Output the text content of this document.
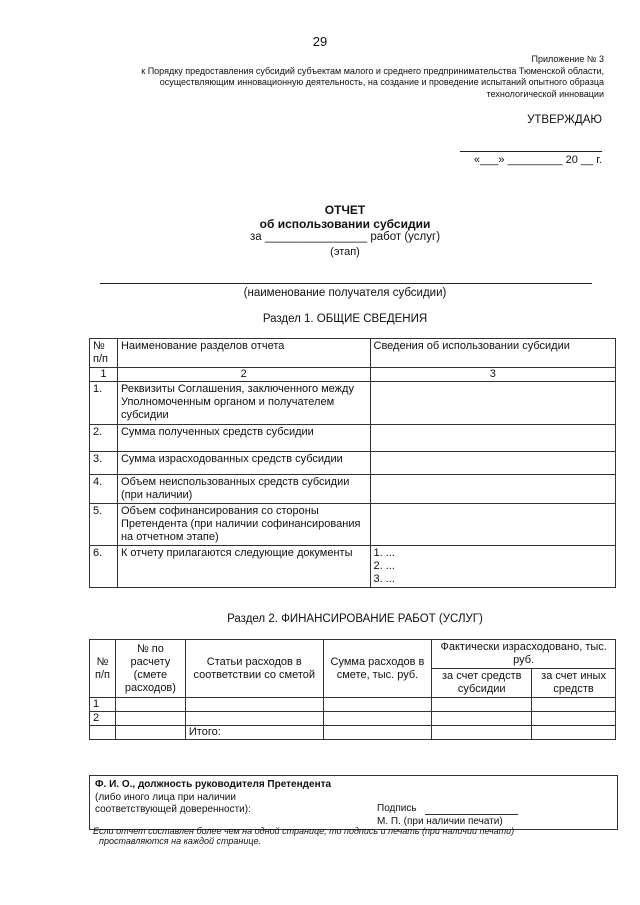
29
Приложение № 3
к Порядку предоставления субсидий субъектам малого и среднего предпринимательства Тюменской области,
осуществляющим инновационную деятельность, на создание и проведение испытаний опытного образца
технологической инновации
УТВЕРЖДАЮ
«___» _________ 20 __ г.
ОТЧЕТ
об использовании субсидии
за ________________ работ (услуг)
(этап)
(наименование получателя субсидии)
Раздел 1. ОБЩИЕ СВЕДЕНИЯ
№ п/п	Наименование разделов отчета	Сведения об использовании субсидии
1	2	3
1.	Реквизиты Соглашения, заключенного между Уполномоченным органом и получателем субсидии	
2.	Сумма полученных средств субсидии	
3.	Сумма израсходованных средств субсидии	
4.	Объем неиспользованных средств субсидии (при наличии)	
5.	Объем софинансирования со стороны Претендента (при наличии софинансирования на отчетном этапе)	
6.	К отчету прилагаются следующие документы	1. ...
2. ...
3. ...
Раздел 2. ФИНАНСИРОВАНИЕ РАБОТ (УСЛУГ)
№ п/п	№ по расчету (смете расходов)	Статьи расходов в соответствии со сметой	Сумма расходов в смете, тыс. руб.	Фактически израсходовано, тыс. руб.	
				за счет средств субсидии	за счет иных средств
1					
2					
		Итого:			
Ф. И. О., должность руководителя Претендента
(либо иного лица при наличии
соответствующей доверенности):	Подпись
М. П. (при наличии печати)
Если отчет составлен более чем на одной странице, то подпись и печать (при наличии печати)
проставляются на каждой странице.
